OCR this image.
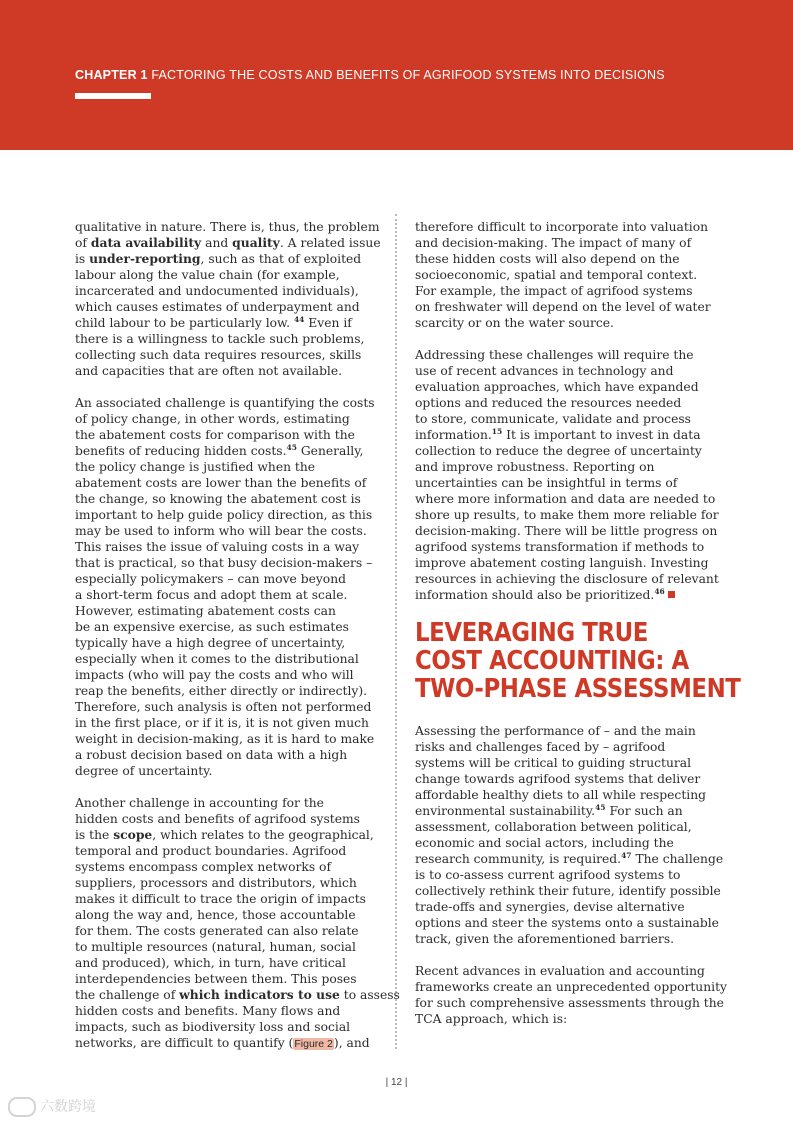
CHAPTER 1 FACTORING THE COSTS AND BENEFITS OF AGRIFOOD SYSTEMS INTO DECISIONS

qualitative in nature. There is, thus, the problem
of data availability and quality. A related issue
is under-reporting, such as that of exploited
labour along the value chain (for example,
incarcerated and undocumented individuals),
which causes estimates of underpayment and
child labour to be particularly low. $^{44}$ Even if
there is a willingness to tackle such problems,
collecting such data requires resources, skills
and capacities that are often not available.

An associated challenge is quantifying the costs
of policy change, in other words, estimating
the abatement costs for comparison with the
benefits of reducing hidden costs.$^{45}$ Generally,
the policy change is justified when the
abatement costs are lower than the benefits of
the change, so knowing the abatement cost is
important to help guide policy direction, as this
may be used to inform who will bear the costs.
This raises the issue of valuing costs in a way
that is practical, so that busy decision-makers –
especially policymakers – can move beyond
a short-term focus and adopt them at scale.
However, estimating abatement costs can
be an expensive exercise, as such estimates
typically have a high degree of uncertainty,
especially when it comes to the distributional
impacts (who will pay the costs and who will
reap the benefits, either directly or indirectly).
Therefore, such analysis is often not performed
in the first place, or if it is, it is not given much
weight in decision-making, as it is hard to make
a robust decision based on data with a high
degree of uncertainty.

Another challenge in accounting for the
hidden costs and benefits of agrifood systems
is the scope, which relates to the geographical,
temporal and product boundaries. Agrifood
systems encompass complex networks of
suppliers, processors and distributors, which
makes it difficult to trace the origin of impacts
along the way and, hence, those accountable
for them. The costs generated can also relate
to multiple resources (natural, human, social
and produced), which, in turn, have critical
interdependencies between them. This poses
the challenge of which indicators to use to assess
hidden costs and benefits. Many flows and
impacts, such as biodiversity loss and social
networks, are difficult to quantify (Figure 2), and

therefore difficult to incorporate into valuation
and decision-making. The impact of many of
these hidden costs will also depend on the
socioeconomic, spatial and temporal context.
For example, the impact of agrifood systems
on freshwater will depend on the level of water
scarcity or on the water source.

Addressing these challenges will require the
use of recent advances in technology and
evaluation approaches, which have expanded
options and reduced the resources needed
to store, communicate, validate and process
information.$^{15}$ It is important to invest in data
collection to reduce the degree of uncertainty
and improve robustness. Reporting on
uncertainties can be insightful in terms of
where more information and data are needed to
shore up results, to make them more reliable for
decision-making. There will be little progress on
agrifood systems transformation if methods to
improve abatement costing languish. Investing
resources in achieving the disclosure of relevant
information should also be prioritized.$^{46}$

LEVERAGING TRUE
COST ACCOUNTING: A
TWO-PHASE ASSESSMENT

Assessing the performance of – and the main
risks and challenges faced by – agrifood
systems will be critical to guiding structural
change towards agrifood systems that deliver
affordable healthy diets to all while respecting
environmental sustainability.$^{45}$ For such an
assessment, collaboration between political,
economic and social actors, including the
research community, is required.$^{47}$ The challenge
is to co-assess current agrifood systems to
collectively rethink their future, identify possible
trade-offs and synergies, devise alternative
options and steer the systems onto a sustainable
track, given the aforementioned barriers.

Recent advances in evaluation and accounting
frameworks create an unprecedented opportunity
for such comprehensive assessments through the
TCA approach, which is:

| 12 |
六数跨境
